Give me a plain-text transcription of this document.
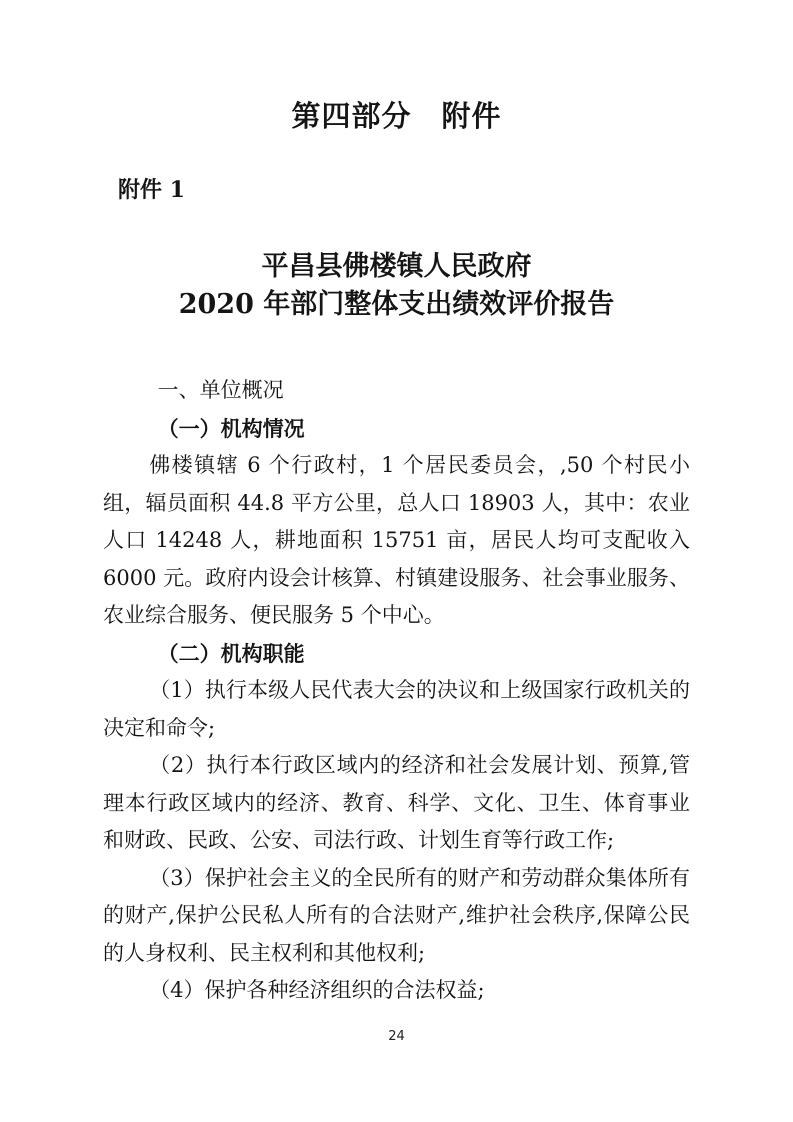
第四部分　附件

附件 1

平昌县佛楼镇人民政府
2020 年部门整体支出绩效评价报告

一、单位概况

（一）机构情况

佛楼镇辖 6 个行政村，1 个居民委员会，,50 个村民小组，辐员面积 44.8 平方公里，总人口 18903 人，其中：农业人口 14248 人，耕地面积 15751 亩，居民人均可支配收入 6000 元。政府内设会计核算、村镇建设服务、社会事业服务、农业综合服务、便民服务 5 个中心。

（二）机构职能

（1）执行本级人民代表大会的决议和上级国家行政机关的决定和命令;

（2）执行本行政区域内的经济和社会发展计划、预算,管理本行政区域内的经济、教育、科学、文化、卫生、体育事业和财政、民政、公安、司法行政、计划生育等行政工作;

（3）保护社会主义的全民所有的财产和劳动群众集体所有的财产,保护公民私人所有的合法财产,维护社会秩序,保障公民的人身权利、民主权利和其他权利;

（4）保护各种经济组织的合法权益;

24
